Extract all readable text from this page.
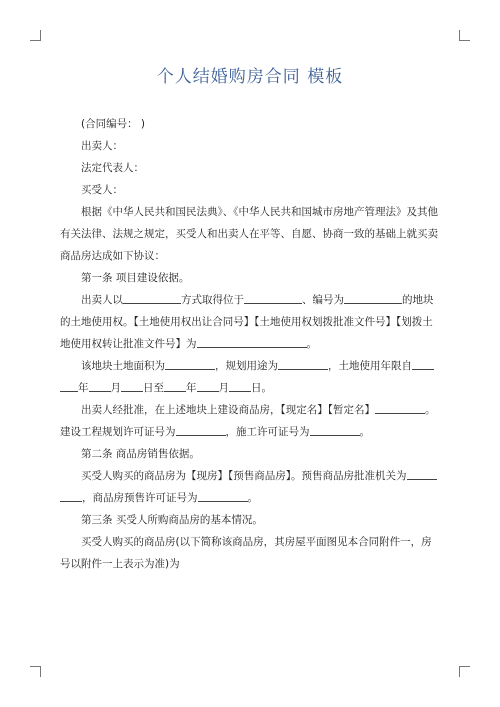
个人结婚购房合同 模板

(合同编号： )

出卖人：

法定代表人：

买受人：

根据《中华人民共和国民法典》、《中华人民共和国城市房地产管理法》及其他有关法律、法规之规定，买受人和出卖人在平等、自愿、协商一致的基础上就买卖商品房达成如下协议：

第一条 项目建设依据。

出卖人以	方式取得位于	、编号为	的地块的土地使用权。【土地使用权出让合同号】【土地使用权划拨批准文件号】【划拨土地使用权转让批准文件号】为	。

该地块土地面积为	，规划用途为	，土地使用年限自年 月 日至 年 月 日。

出卖人经批准，在上述地块上建设商品房，【现定名】【暂定名】	。建设工程规划许可证号为	，施工许可证号为	。

第二条 商品房销售依据。

买受人购买的商品房为【现房】【预售商品房】。预售商品房批准机关为，商品房预售许可证号为	。

第三条 买受人所购商品房的基本情况。

买受人购买的商品房(以下简称该商品房，其房屋平面图见本合同附件一，房号以附件一上表示为准)为
